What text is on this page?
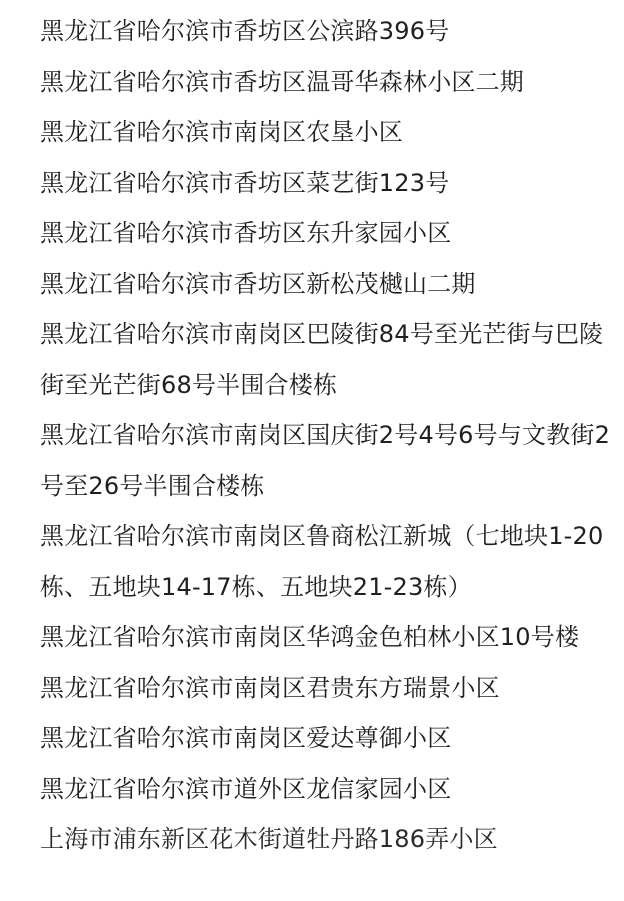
黑龙江省哈尔滨市香坊区公滨路396号
黑龙江省哈尔滨市香坊区温哥华森林小区二期
黑龙江省哈尔滨市南岗区农垦小区
黑龙江省哈尔滨市香坊区菜艺街123号
黑龙江省哈尔滨市香坊区东升家园小区
黑龙江省哈尔滨市香坊区新松茂樾山二期
黑龙江省哈尔滨市南岗区巴陵街84号至光芒街与巴陵街至光芒街68号半围合楼栋
黑龙江省哈尔滨市南岗区国庆街2号4号6号与文教街2号至26号半围合楼栋
黑龙江省哈尔滨市南岗区鲁商松江新城（七地块1-20栋、五地块14-17栋、五地块21-23栋）
黑龙江省哈尔滨市南岗区华鸿金色柏林小区10号楼
黑龙江省哈尔滨市南岗区君贵东方瑞景小区
黑龙江省哈尔滨市南岗区爱达尊御小区
黑龙江省哈尔滨市道外区龙信家园小区
上海市浦东新区花木街道牡丹路186弄小区
